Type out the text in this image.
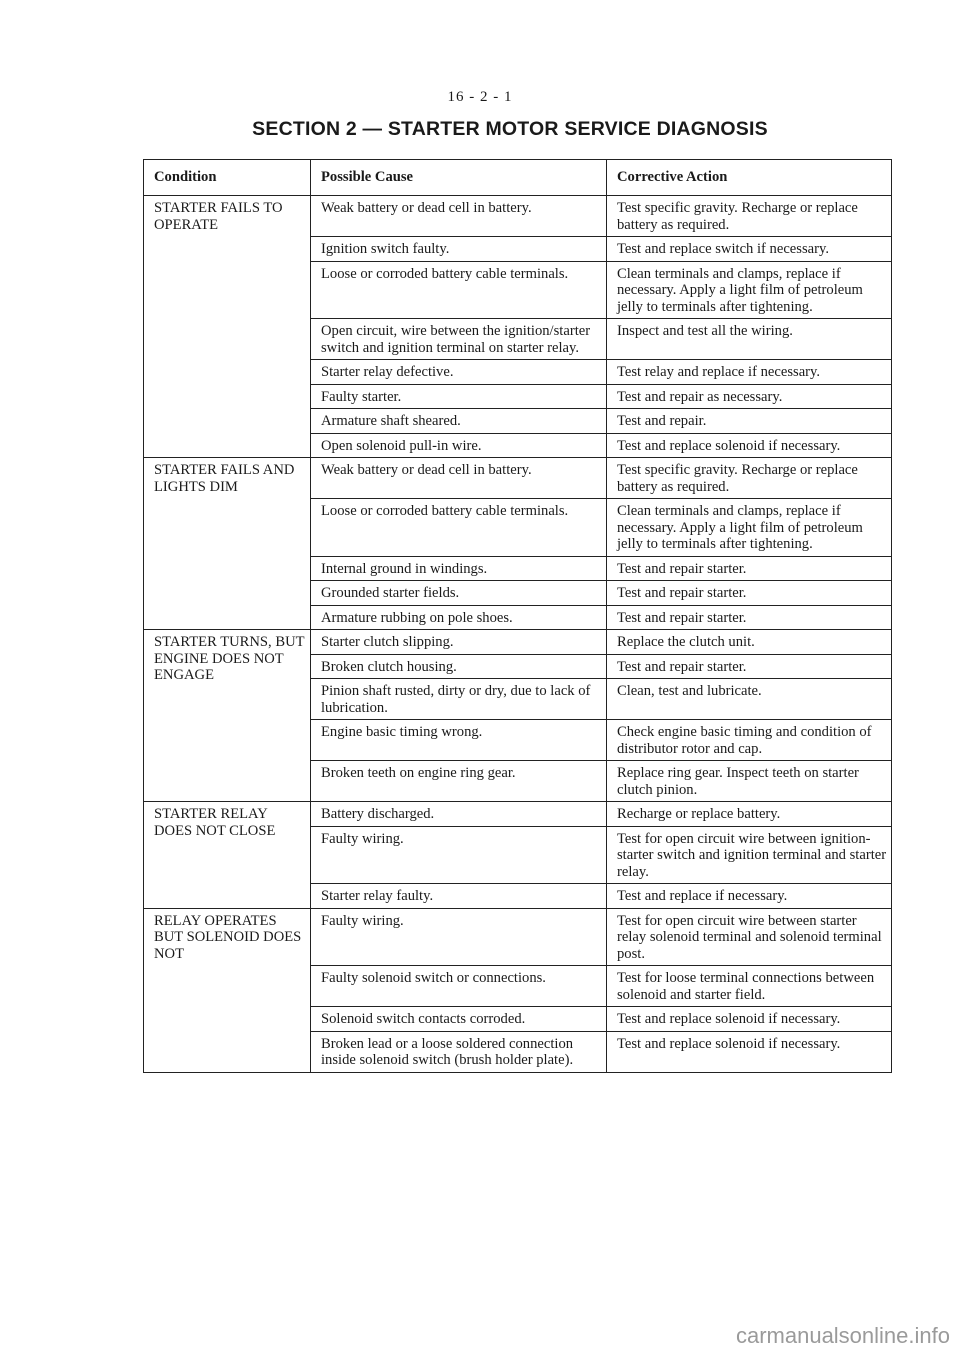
16 - 2 - 1
SECTION 2 — STARTER MOTOR SERVICE DIAGNOSIS
Condition	Possible Cause	Corrective Action
STARTER FAILS TO OPERATE	Weak battery or dead cell in battery.	Test specific gravity. Recharge or replace battery as required.
	Ignition switch faulty.	Test and replace switch if necessary.
	Loose or corroded battery cable terminals.	Clean terminals and clamps, replace if necessary. Apply a light film of petroleum jelly to terminals after tightening.
	Open circuit, wire between the ignition/starter switch and ignition terminal on starter relay.	Inspect and test all the wiring.
	Starter relay defective.	Test relay and replace if necessary.
	Faulty starter.	Test and repair as necessary.
	Armature shaft sheared.	Test and repair.
	Open solenoid pull-in wire.	Test and replace solenoid if necessary.
STARTER FAILS AND LIGHTS DIM	Weak battery or dead cell in battery.	Test specific gravity. Recharge or replace battery as required.
	Loose or corroded battery cable terminals.	Clean terminals and clamps, replace if necessary. Apply a light film of petroleum jelly to terminals after tightening.
	Internal ground in windings.	Test and repair starter.
	Grounded starter fields.	Test and repair starter.
	Armature rubbing on pole shoes.	Test and repair starter.
STARTER TURNS, BUT ENGINE DOES NOT ENGAGE	Starter clutch slipping.	Replace the clutch unit.
	Broken clutch housing.	Test and repair starter.
	Pinion shaft rusted, dirty or dry, due to lack of lubrication.	Clean, test and lubricate.
	Engine basic timing wrong.	Check engine basic timing and condition of distributor rotor and cap.
	Broken teeth on engine ring gear.	Replace ring gear. Inspect teeth on starter clutch pinion.
STARTER RELAY DOES NOT CLOSE	Battery discharged.	Recharge or replace battery.
	Faulty wiring.	Test for open circuit wire between ignition-starter switch and ignition terminal and starter relay.
	Starter relay faulty.	Test and replace if necessary.
RELAY OPERATES BUT SOLENOID DOES NOT	Faulty wiring.	Test for open circuit wire between starter relay solenoid terminal and solenoid terminal post.
	Faulty solenoid switch or connections.	Test for loose terminal connections between solenoid and starter field.
	Solenoid switch contacts corroded.	Test and replace solenoid if necessary.
	Broken lead or a loose soldered connection inside solenoid switch (brush holder plate).	Test and replace solenoid if necessary.
carmanualsonline.info
